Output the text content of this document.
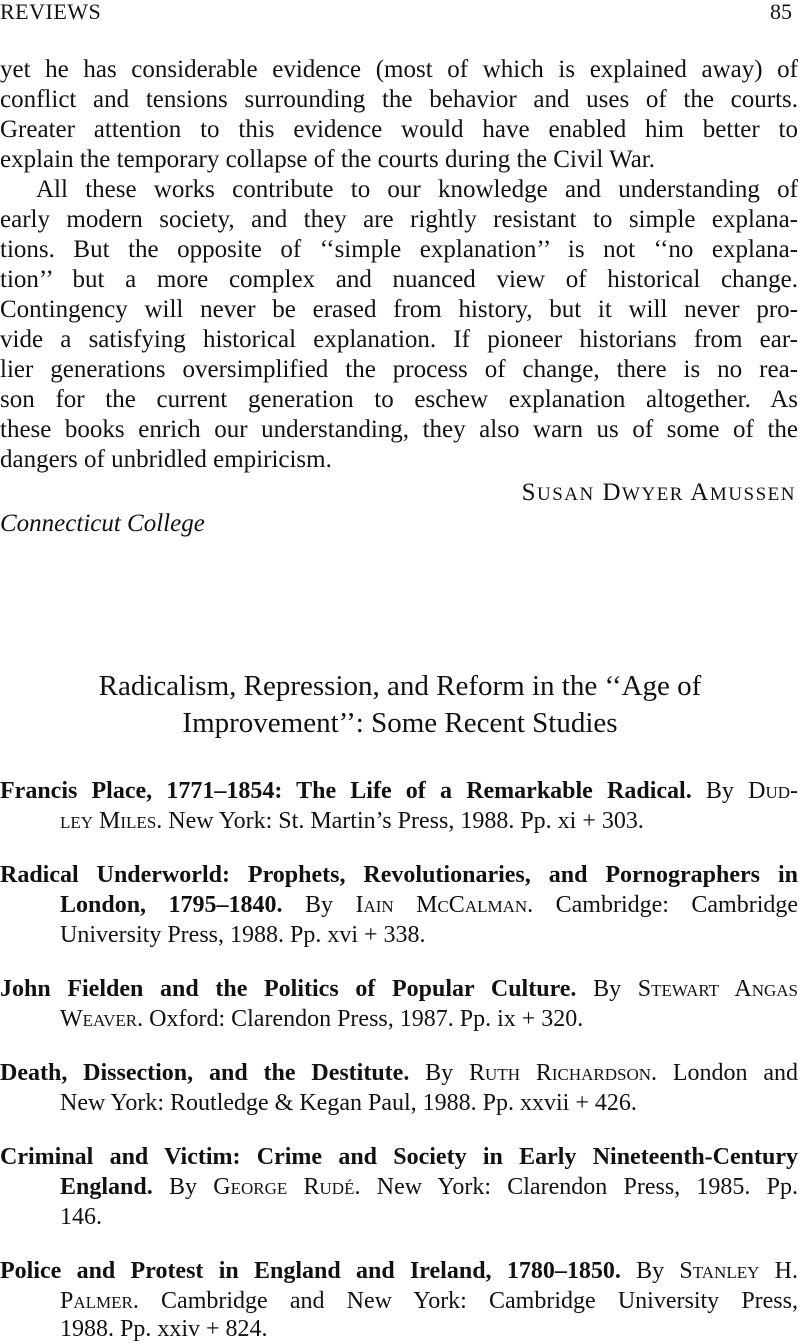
REVIEWS	85
yet he has considerable evidence (most of which is explained away) of
conflict and tensions surrounding the behavior and uses of the courts.
Greater attention to this evidence would have enabled him better to
explain the temporary collapse of the courts during the Civil War.
All these works contribute to our knowledge and understanding of
early modern society, and they are rightly resistant to simple explana-
tions. But the opposite of ‘‘simple explanation’’ is not ‘‘no explana-
tion’’ but a more complex and nuanced view of historical change.
Contingency will never be erased from history, but it will never pro-
vide a satisfying historical explanation. If pioneer historians from ear-
lier generations oversimplified the process of change, there is no rea-
son for the current generation to eschew explanation altogether. As
these books enrich our understanding, they also warn us of some of the
dangers of unbridled empiricism.
SUSAN DWYER AMUSSEN
Connecticut College
Radicalism, Repression, and Reform in the ‘‘Age of
Improvement’’: Some Recent Studies
Francis Place, 1771–1854: The Life of a Remarkable Radical. By Dud-
ley Miles. New York: St. Martin’s Press, 1988. Pp. xi + 303.
Radical Underworld: Prophets, Revolutionaries, and Pornographers in
London, 1795–1840. By Iain McCalman. Cambridge: Cambridge
University Press, 1988. Pp. xvi + 338.
John Fielden and the Politics of Popular Culture. By Stewart Angas
Weaver. Oxford: Clarendon Press, 1987. Pp. ix + 320.
Death, Dissection, and the Destitute. By Ruth Richardson. London and
New York: Routledge & Kegan Paul, 1988. Pp. xxvii + 426.
Criminal and Victim: Crime and Society in Early Nineteenth-Century
England. By George Rudé. New York: Clarendon Press, 1985. Pp.
146.
Police and Protest in England and Ireland, 1780–1850. By Stanley H.
Palmer. Cambridge and New York: Cambridge University Press,
1988. Pp. xxiv + 824.
